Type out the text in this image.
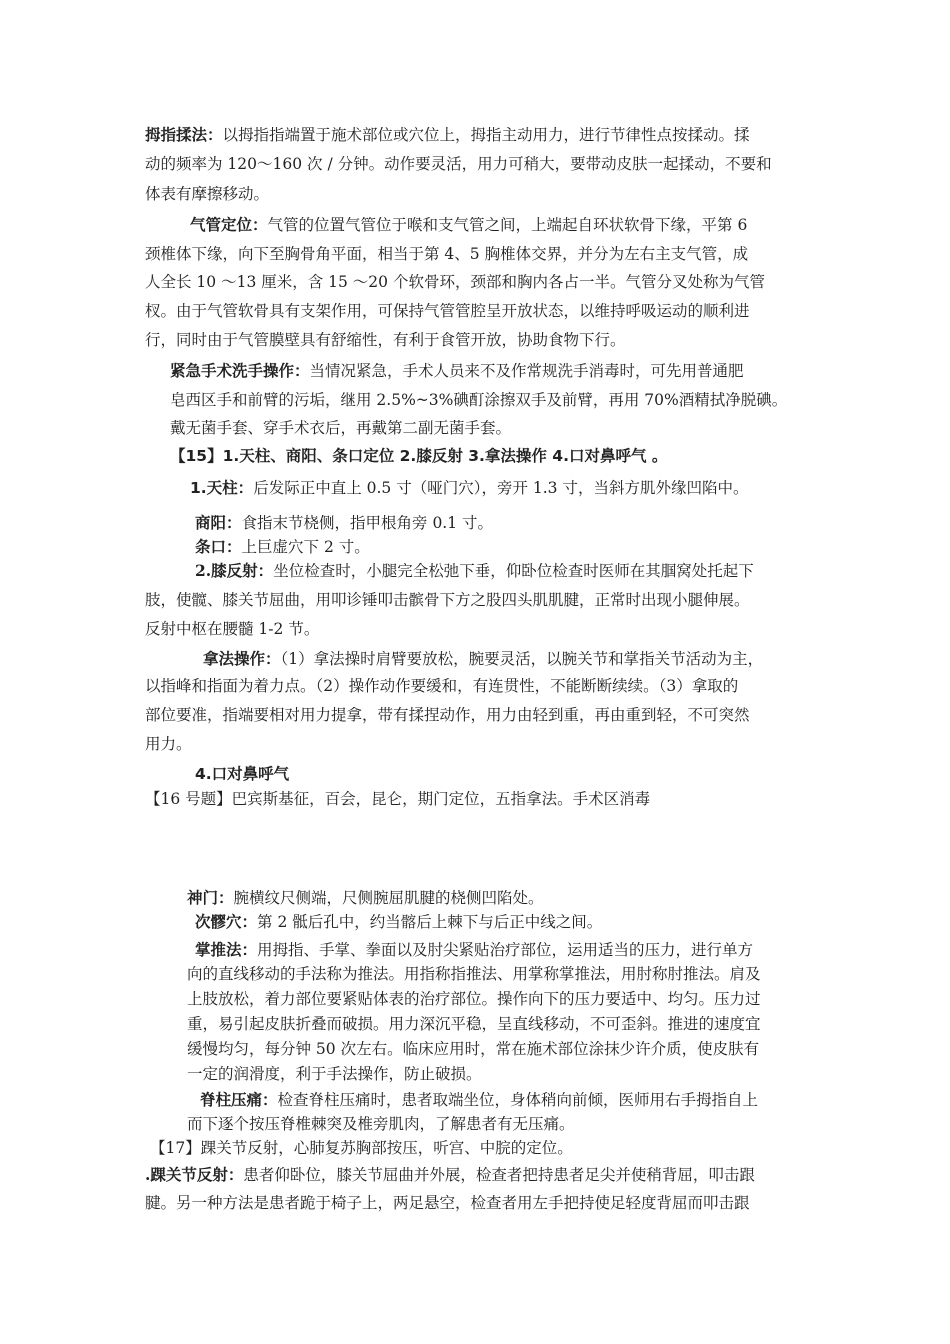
拇指揉法：以拇指指端置于施术部位或穴位上，拇指主动用力，进行节律性点按揉动。揉

动的频率为 120～160 次 / 分钟。动作要灵活，用力可稍大，要带动皮肤一起揉动，不要和

体表有摩擦移动。

气管定位：气管的位置气管位于喉和支气管之间，上端起自环状软骨下缘，平第 6

颈椎体下缘，向下至胸骨角平面，相当于第 4、5 胸椎体交界，并分为左右主支气管，成

人全长 10 ～13 厘米，含 15 ～20 个软骨环，颈部和胸内各占一半。气管分叉处称为气管

杈。由于气管软骨具有支架作用，可保持气管管腔呈开放状态，以维持呼吸运动的顺利进

行，同时由于气管膜壁具有舒缩性，有利于食管开放，协助食物下行。

紧急手术洗手操作：当情况紧急，手术人员来不及作常规洗手消毒时，可先用普通肥

皂西区手和前臂的污垢，继用 2.5%~3%碘酊涂擦双手及前臂，再用 70%酒精拭净脱碘。

戴无菌手套、穿手术衣后，再戴第二副无菌手套。

【15】1.天柱、商阳、条口定位 2.膝反射 3.拿法操作 4.口对鼻呼气 。

1.天柱：后发际正中直上 0.5 寸（哑门穴），旁开 1.3 寸，当斜方肌外缘凹陷中。

商阳：食指末节桡侧，指甲根角旁 0.1 寸。

条口：上巨虚穴下 2 寸。

2.膝反射：坐位检查时，小腿完全松弛下垂，仰卧位检查时医师在其腘窝处托起下

肢，使髋、膝关节屈曲，用叩诊锤叩击髌骨下方之股四头肌肌腱，正常时出现小腿伸展。

反射中枢在腰髓 1-2 节。

拿法操作：（1）拿法操时肩臂要放松，腕要灵活，以腕关节和掌指关节活动为主，

以指峰和指面为着力点。（2）操作动作要缓和，有连贯性，不能断断续续。（3）拿取的

部位要准，指端要相对用力提拿，带有揉捏动作，用力由轻到重，再由重到轻，不可突然

用力。

4.口对鼻呼气

【16 号题】巴宾斯基征，百会，昆仑，期门定位，五指拿法。手术区消毒

神门：腕横纹尺侧端，尺侧腕屈肌腱的桡侧凹陷处。

次髎穴：第 2 骶后孔中，约当髂后上棘下与后正中线之间。

掌推法：用拇指、手掌、拳面以及肘尖紧贴治疗部位，运用适当的压力，进行单方

向的直线移动的手法称为推法。用指称指推法、用掌称掌推法，用肘称肘推法。肩及

上肢放松，着力部位要紧贴体表的治疗部位。操作向下的压力要适中、均匀。压力过

重，易引起皮肤折叠而破损。用力深沉平稳，呈直线移动，不可歪斜。推进的速度宜

缓慢均匀，每分钟 50 次左右。临床应用时，常在施术部位涂抹少许介质，使皮肤有

一定的润滑度，利于手法操作，防止破损。

脊柱压痛：检查脊柱压痛时，患者取端坐位，身体稍向前倾，医师用右手拇指自上

而下逐个按压脊椎棘突及椎旁肌肉，了解患者有无压痛。

【17】踝关节反射，心肺复苏胸部按压，听宫、中脘的定位。

.踝关节反射：患者仰卧位，膝关节屈曲并外展，检查者把持患者足尖并使稍背屈，叩击跟

腱。另一种方法是患者跪于椅子上，两足悬空，检查者用左手把持使足轻度背屈而叩击跟
